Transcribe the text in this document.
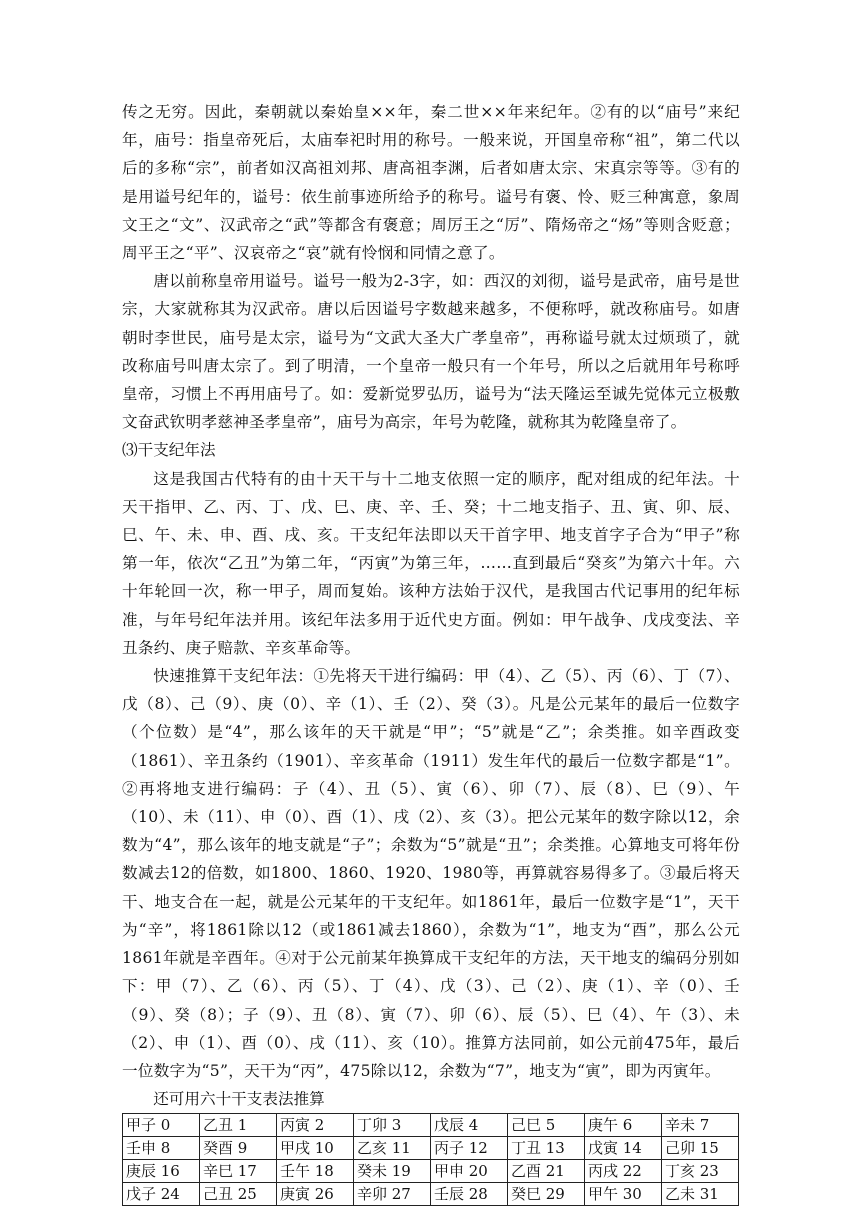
传之无穷。因此，秦朝就以秦始皇××年，秦二世××年来纪年。②有的以“庙号”来纪年，庙号：指皇帝死后，太庙奉祀时用的称号。一般来说，开国皇帝称“祖”，第二代以后的多称“宗”，前者如汉高祖刘邦、唐高祖李渊，后者如唐太宗、宋真宗等等。③有的是用谥号纪年的，谥号：依生前事迹所给予的称号。谥号有褒、怜、贬三种寓意，象周文王之“文”、汉武帝之“武”等都含有褒意；周厉王之“厉”、隋炀帝之“炀”等则含贬意；周平王之“平”、汉哀帝之“哀”就有怜悯和同情之意了。

唐以前称皇帝用谥号。谥号一般为2-3字，如：西汉的刘彻，谥号是武帝，庙号是世宗，大家就称其为汉武帝。唐以后因谥号字数越来越多，不便称呼，就改称庙号。如唐朝时李世民，庙号是太宗，谥号为“文武大圣大广孝皇帝”，再称谥号就太过烦琐了，就改称庙号叫唐太宗了。到了明清，一个皇帝一般只有一个年号，所以之后就用年号称呼皇帝，习惯上不再用庙号了。如：爱新觉罗弘历，谥号为“法天隆运至诚先觉体元立极敷文奋武钦明孝慈神圣孝皇帝”，庙号为高宗，年号为乾隆，就称其为乾隆皇帝了。

⑶干支纪年法

这是我国古代特有的由十天干与十二地支依照一定的顺序，配对组成的纪年法。十天干指甲、乙、丙、丁、戊、巳、庚、辛、壬、癸；十二地支指子、丑、寅、卯、辰、巳、午、未、申、酉、戌、亥。干支纪年法即以天干首字甲、地支首字子合为“甲子”称第一年，依次“乙丑”为第二年，“丙寅”为第三年，……直到最后“癸亥”为第六十年。六十年轮回一次，称一甲子，周而复始。该种方法始于汉代，是我国古代记事用的纪年标准，与年号纪年法并用。该纪年法多用于近代史方面。例如：甲午战争、戊戌变法、辛丑条约、庚子赔款、辛亥革命等。

快速推算干支纪年法：①先将天干进行编码：甲（4）、乙（5）、丙（6）、丁（7）、戊（8）、己（9）、庚（0）、辛（1）、壬（2）、癸（3）。凡是公元某年的最后一位数字（个位数）是“4”，那么该年的天干就是“甲”；“5”就是“乙”；余类推。如辛酉政变（1861）、辛丑条约（1901）、辛亥革命（1911）发生年代的最后一位数字都是“1”。②再将地支进行编码：子（4）、丑（5）、寅（6）、卯（7）、辰（8）、巳（9）、午（10）、未（11）、申（0）、酉（1）、戌（2）、亥（3）。把公元某年的数字除以12，余数为“4”，那么该年的地支就是“子”；余数为“5”就是“丑”；余类推。心算地支可将年份数减去12的倍数，如1800、1860、1920、1980等，再算就容易得多了。③最后将天干、地支合在一起，就是公元某年的干支纪年。如1861年，最后一位数字是“1”，天干为“辛”，将1861除以12（或1861减去1860），余数为“1”，地支为“酉”，那么公元1861年就是辛酉年。④对于公元前某年换算成干支纪年的方法，天干地支的编码分别如下：甲（7）、乙（6）、丙（5）、丁（4）、戊（3）、己（2）、庚（1）、辛（0）、壬（9）、癸（8）；子（9）、丑（8）、寅（7）、卯（6）、辰（5）、巳（4）、午（3）、未（2）、申（1）、酉（0）、戌（11）、亥（10）。推算方法同前，如公元前475年，最后一位数字为“5”，天干为“丙”，475除以12，余数为“7”，地支为“寅”，即为丙寅年。

还可用六十干支表法推算

甲子 0	乙丑 1	丙寅 2	丁卯 3	戊辰 4	己巳 5	庚午 6	辛未 7
壬申 8	癸酉 9	甲戌 10	乙亥 11	丙子 12	丁丑 13	戊寅 14	己卯 15
庚辰 16	辛巳 17	壬午 18	癸未 19	甲申 20	乙酉 21	丙戌 22	丁亥 23
戊子 24	己丑 25	庚寅 26	辛卯 27	壬辰 28	癸巳 29	甲午 30	乙未 31
